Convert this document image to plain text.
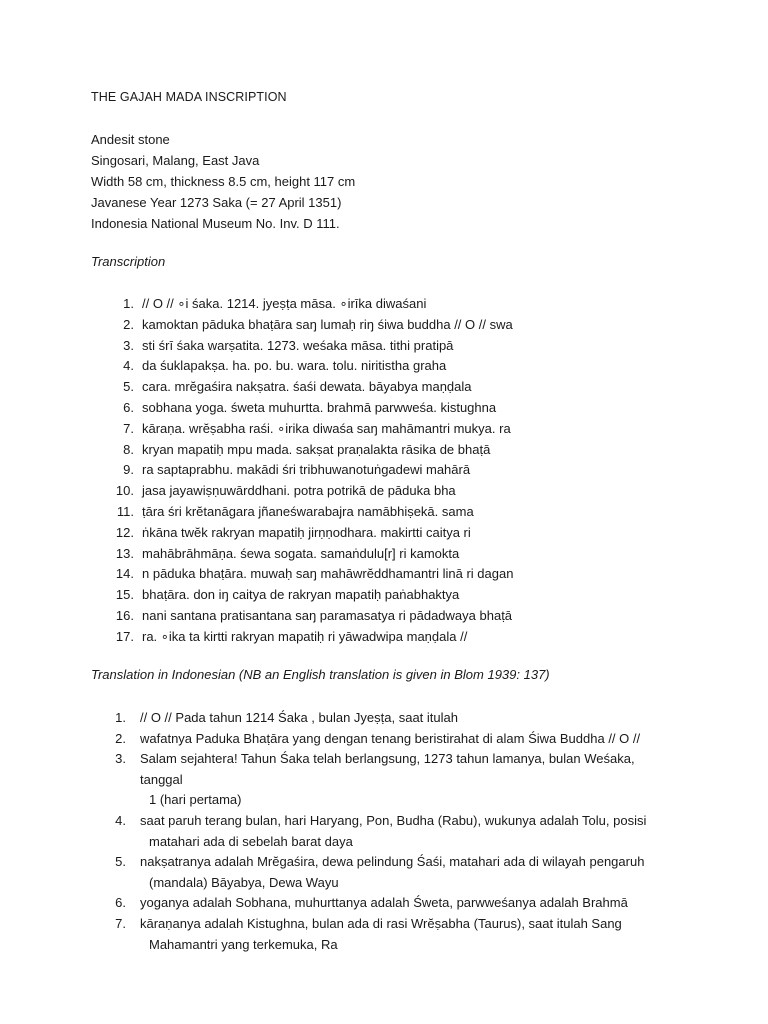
THE GAJAH MADA INSCRIPTION
Andesit stone
Singosari, Malang, East Java
Width 58 cm, thickness 8.5 cm, height 117 cm
Javanese Year 1273 Saka (= 27 April 1351)
Indonesia National Museum No. Inv. D 111.
Transcription
1. // O // ∘i śaka. 1214. jyeṣṭa māsa. ∘irīka diwaśani
2. kamoktan pāduka bhaṭāra saŋ lumaḥ riŋ śiwa buddha // O // swa
3. sti śrī śaka warṣatita. 1273. weśaka māsa. tithi pratipā
4. da śuklapakṣa. ha. po. bu. wara. tolu. niritistha graha
5. cara. mrĕgaśira nakṣatra. śaśi dewata. bāyabya maṇḍala
6. sobhana yoga. śweta muhurtta. brahmā parwweśa. kistughna
7. kāraṇa. wrĕṣabha raśi. ∘irika diwaśa saŋ mahāmantri mukya. ra
8. kryan mapatiḥ mpu mada. sakṣat praṇalakta rāsika de bhaṭā
9. ra saptaprabhu. makādi śri tribhuwanotuṅgadewi mahārā
10. jasa jayawiṣṇuwārddhani. potra potrikā de pāduka bha
11. ṭāra śri krĕtanāgara jñaneśwarabajra namābhiṣekā. sama
12. ṅkāna twĕk rakryan mapatiḥ jirṇṇodhara. makirtti caitya ri
13. mahābrāhmāṇa. śewa sogata. samaṅdulu[r] ri kamokta
14. n pāduka bhaṭāra. muwaḥ saŋ mahāwrĕddhamantri linā ri dagan
15. bhaṭāra. don iŋ caitya de rakryan mapatiḥ paṅabhaktya
16. nani santana pratisantana saŋ paramasatya ri pādadwaya bhaṭā
17. ra. ∘ika ta kirtti rakryan mapatiḥ ri yāwadwipa maṇḍala //
Translation in Indonesian (NB an English translation is given in Blom 1939: 137)
1. // O // Pada tahun 1214 Śaka , bulan Jyeṣṭa, saat itulah
2. wafatnya Paduka Bhaṭāra yang dengan tenang beristirahat di alam Śiwa Buddha // O //
3. Salam sejahtera! Tahun Śaka telah berlangsung, 1273 tahun lamanya, bulan Weśaka, tanggal
1 (hari pertama)
4. saat paruh terang bulan, hari Haryang, Pon, Budha (Rabu), wukunya adalah Tolu, posisi
matahari ada di sebelah barat daya
5. nakṣatranya adalah Mrĕgaśira, dewa pelindung Śaśi, matahari ada di wilayah pengaruh
(mandala) Bāyabya, Dewa Wayu
6. yoganya adalah Sobhana, muhurttanya adalah Śweta, parwweśanya adalah Brahmā
7. kāraṇanya adalah Kistughna, bulan ada di rasi Wrĕṣabha (Taurus), saat itulah Sang
Mahamantri yang terkemuka, Ra
